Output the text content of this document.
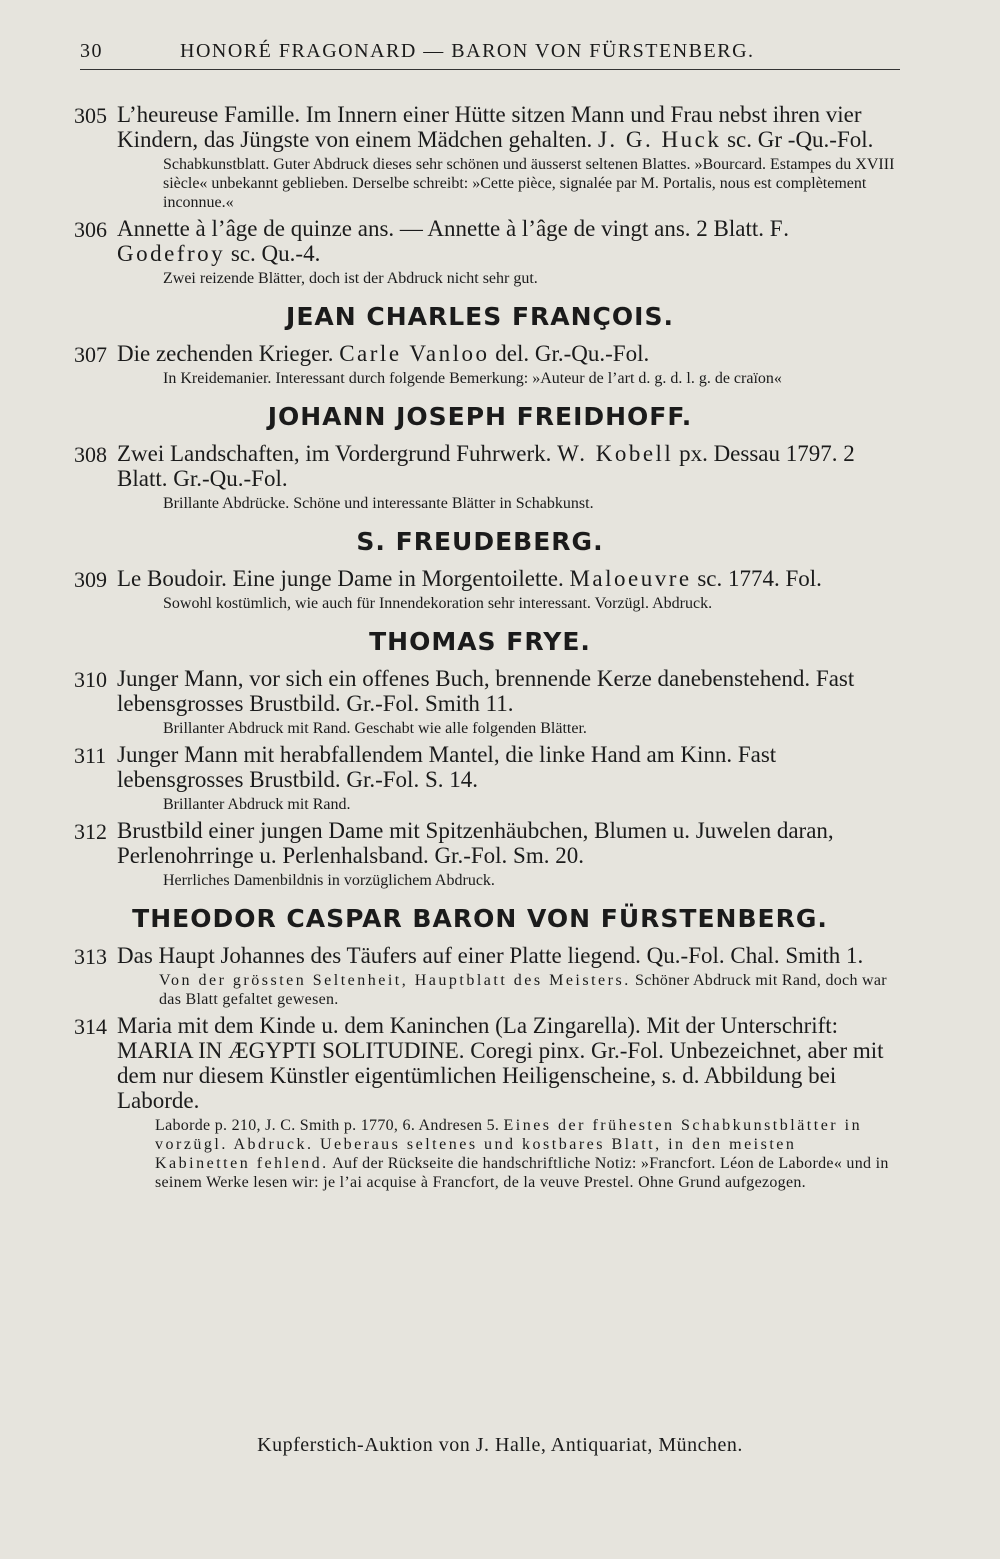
30	HONORÉ FRAGONARD — BARON VON FÜRSTENBERG.
305 L’heureuse Famille. Im Innern einer Hütte sitzen Mann und Frau nebst ihren vier Kindern, das Jüngste von einem Mädchen gehalten. J. G. Huck sc. Gr -Qu.-Fol.
Schabkunstblatt. Guter Abdruck dieses sehr schönen und äusserst seltenen Blattes. »Bourcard. Estampes du XVIII siècle« unbekannt geblieben. Derselbe schreibt: »Cette pièce, signalée par M. Portalis, nous est complètement inconnue.«
306 Annette à l’âge de quinze ans. — Annette à l’âge de vingt ans. 2 Blatt. F. Godefroy sc. Qu.-4.
Zwei reizende Blätter, doch ist der Abdruck nicht sehr gut.
JEAN CHARLES FRANÇOIS.
307 Die zechenden Krieger. Carle Vanloo del. Gr.-Qu.-Fol.
In Kreidemanier. Interessant durch folgende Bemerkung: »Auteur de l’art d. g. d. l. g. de craïon«
JOHANN JOSEPH FREIDHOFF.
308 Zwei Landschaften, im Vordergrund Fuhrwerk. W. Kobell px. Dessau 1797. 2 Blatt. Gr.-Qu.-Fol.
Brillante Abdrücke. Schöne und interessante Blätter in Schabkunst.
S. FREUDEBERG.
309 Le Boudoir. Eine junge Dame in Morgentoilette. Maloeuvre sc. 1774. Fol.
Sowohl kostümlich, wie auch für Innendekoration sehr interessant. Vorzügl. Abdruck.
THOMAS FRYE.
310 Junger Mann, vor sich ein offenes Buch, brennende Kerze danebenstehend. Fast lebensgrosses Brustbild. Gr.-Fol. Smith 11.
Brillanter Abdruck mit Rand. Geschabt wie alle folgenden Blätter.
311 Junger Mann mit herabfallendem Mantel, die linke Hand am Kinn. Fast lebensgrosses Brustbild. Gr.-Fol. S. 14.
Brillanter Abdruck mit Rand.
312 Brustbild einer jungen Dame mit Spitzenhäubchen, Blumen u. Juwelen daran, Perlenohrringe u. Perlenhalsband. Gr.-Fol. Sm. 20.
Herrliches Damenbildnis in vorzüglichem Abdruck.
THEODOR CASPAR BARON VON FÜRSTENBERG.
313 Das Haupt Johannes des Täufers auf einer Platte liegend. Qu.-Fol. Chal. Smith 1.
Von der grössten Seltenheit, Hauptblatt des Meisters. Schöner Abdruck mit Rand, doch war das Blatt gefaltet gewesen.
314 Maria mit dem Kinde u. dem Kaninchen (La Zingarella). Mit der Unterschrift: MARIA IN ÆGYPTI SOLITUDINE. Coregi pinx. Gr.-Fol. Unbezeichnet, aber mit dem nur diesem Künstler eigentümlichen Heiligenscheine, s. d. Abbildung bei Laborde.
Laborde p. 210, J. C. Smith p. 1770, 6. Andresen 5. Eines der frühesten Schabkunstblätter in vorzügl. Abdruck. Ueberaus seltenes und kostbares Blatt, in den meisten Kabinetten fehlend. Auf der Rückseite die handschriftliche Notiz: »Francfort. Léon de Laborde« und in seinem Werke lesen wir: je l’ai acquise à Francfort, de la veuve Prestel. Ohne Grund aufgezogen.
Kupferstich-Auktion von J. Halle, Antiquariat, München.
